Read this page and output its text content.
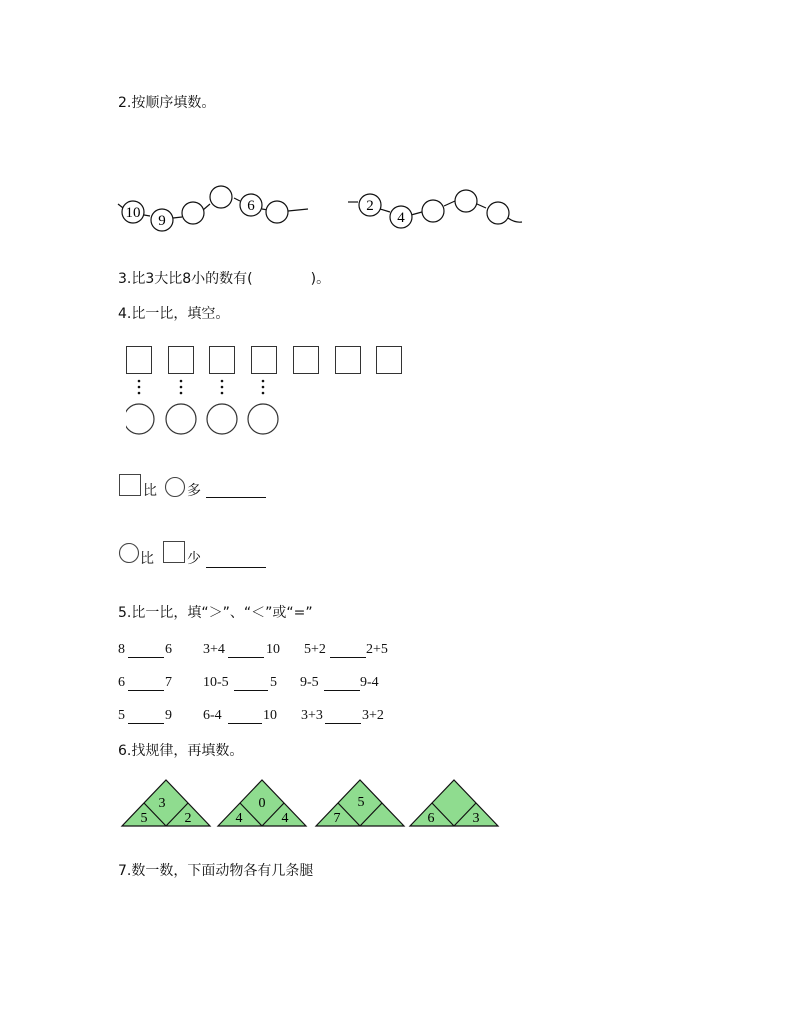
2.按顺序填数。
10 9
6	2
4
3.比3大比8小的数有(	)。
4.比一比，填空。
比 多
比 少
5.比一比，填“＞”、“＜”或“=”
8	6 3+4	10 5+2	2+5
6	7 10-5	5 9-5	9-4
5	9 6-4	10 3+3	3+2
6.找规律，再填数。
3
5	2
0
4	4
5
7	6	3
7.数一数，下面动物各有几条腿
